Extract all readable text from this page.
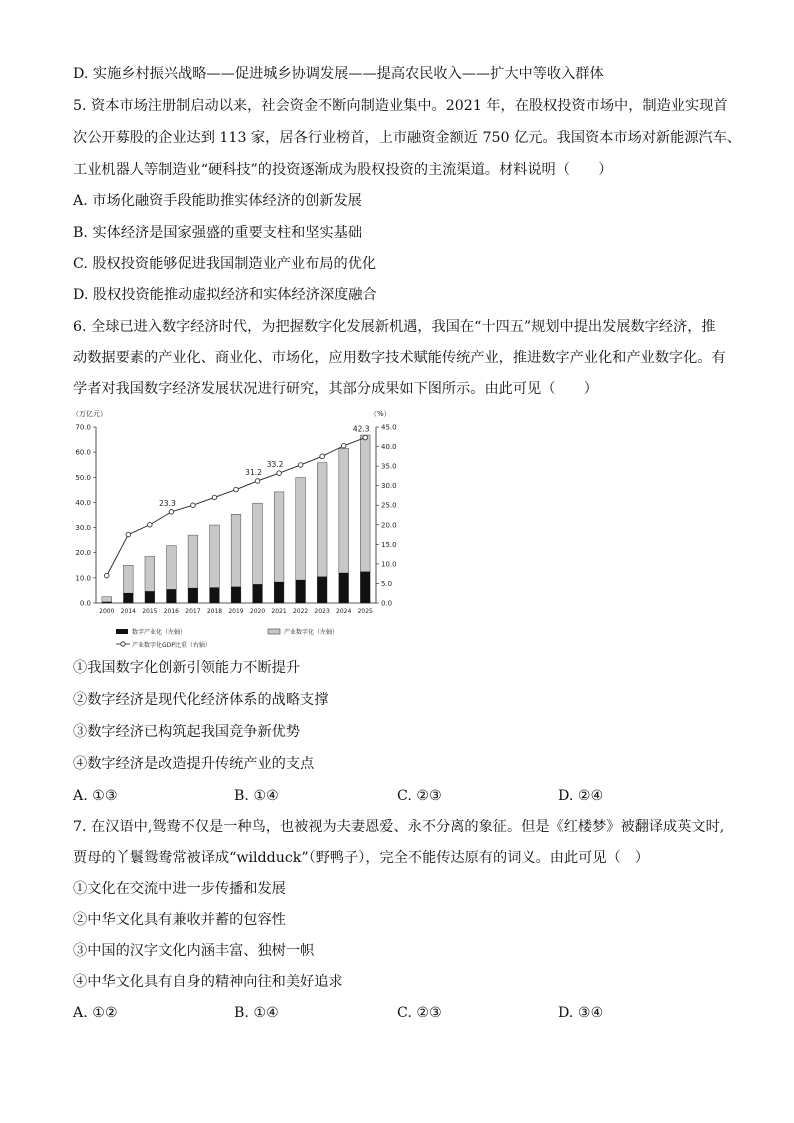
D. 实施乡村振兴战略——促进城乡协调发展——提高农民收入——扩大中等收入群体
5. 资本市场注册制启动以来，社会资金不断向制造业集中。2021 年，在股权投资市场中，制造业实现首
次公开募股的企业达到 113 家，居各行业榜首，上市融资金额近 750 亿元。我国资本市场对新能源汽车、
工业机器人等制造业“硬科技”的投资逐渐成为股权投资的主流渠道。材料说明（　　）
A. 市场化融资手段能助推实体经济的创新发展
B. 实体经济是国家强盛的重要支柱和坚实基础
C. 股权投资能够促进我国制造业产业布局的优化
D. 股权投资能推动虚拟经济和实体经济深度融合
6. 全球已进入数字经济时代，为把握数字化发展新机遇，我国在“十四五”规划中提出发展数字经济，推
动数据要素的产业化、商业化、市场化，应用数字技术赋能传统产业，推进数字产业化和产业数字化。有
学者对我国数字经济发展状况进行研究，其部分成果如下图所示。由此可见（　　）
（万亿元）	（%）
23.3
31.2
33.2
42.3
70.0
60.0
50.0
40.0
30.0
20.0
10.0
0.0
45.0
40.0
35.0
30.0
25.0
20.0
15.0
10.0
5.0
0.0
2000 2014 2015 2016 2017 2018 2019 2020 2021 2022 2023 2024 2025
数字产业化（左轴）	产业数字化（左轴）
产业数字化GDP比重（右轴）
①我国数字化创新引领能力不断提升
②数字经济是现代化经济体系的战略支撑
③数字经济已构筑起我国竞争新优势
④数字经济是改造提升传统产业的支点
A. ①③	B. ①④	C. ②③	D. ②④
7. 在汉语中,鸳鸯不仅是一种鸟，也被视为夫妻恩爱、永不分离的象征。但是《红楼梦》被翻译成英文时,
贾母的丫鬟鸳鸯常被译成“wildduck”（野鸭子），完全不能传达原有的词义。由此可见（　）
①文化在交流中进一步传播和发展
②中华文化具有兼收并蓄的包容性
③中国的汉字文化内涵丰富、独树一帜
④中华文化具有自身的精神向往和美好追求
A. ①②	B. ①④	C. ②③	D. ③④
